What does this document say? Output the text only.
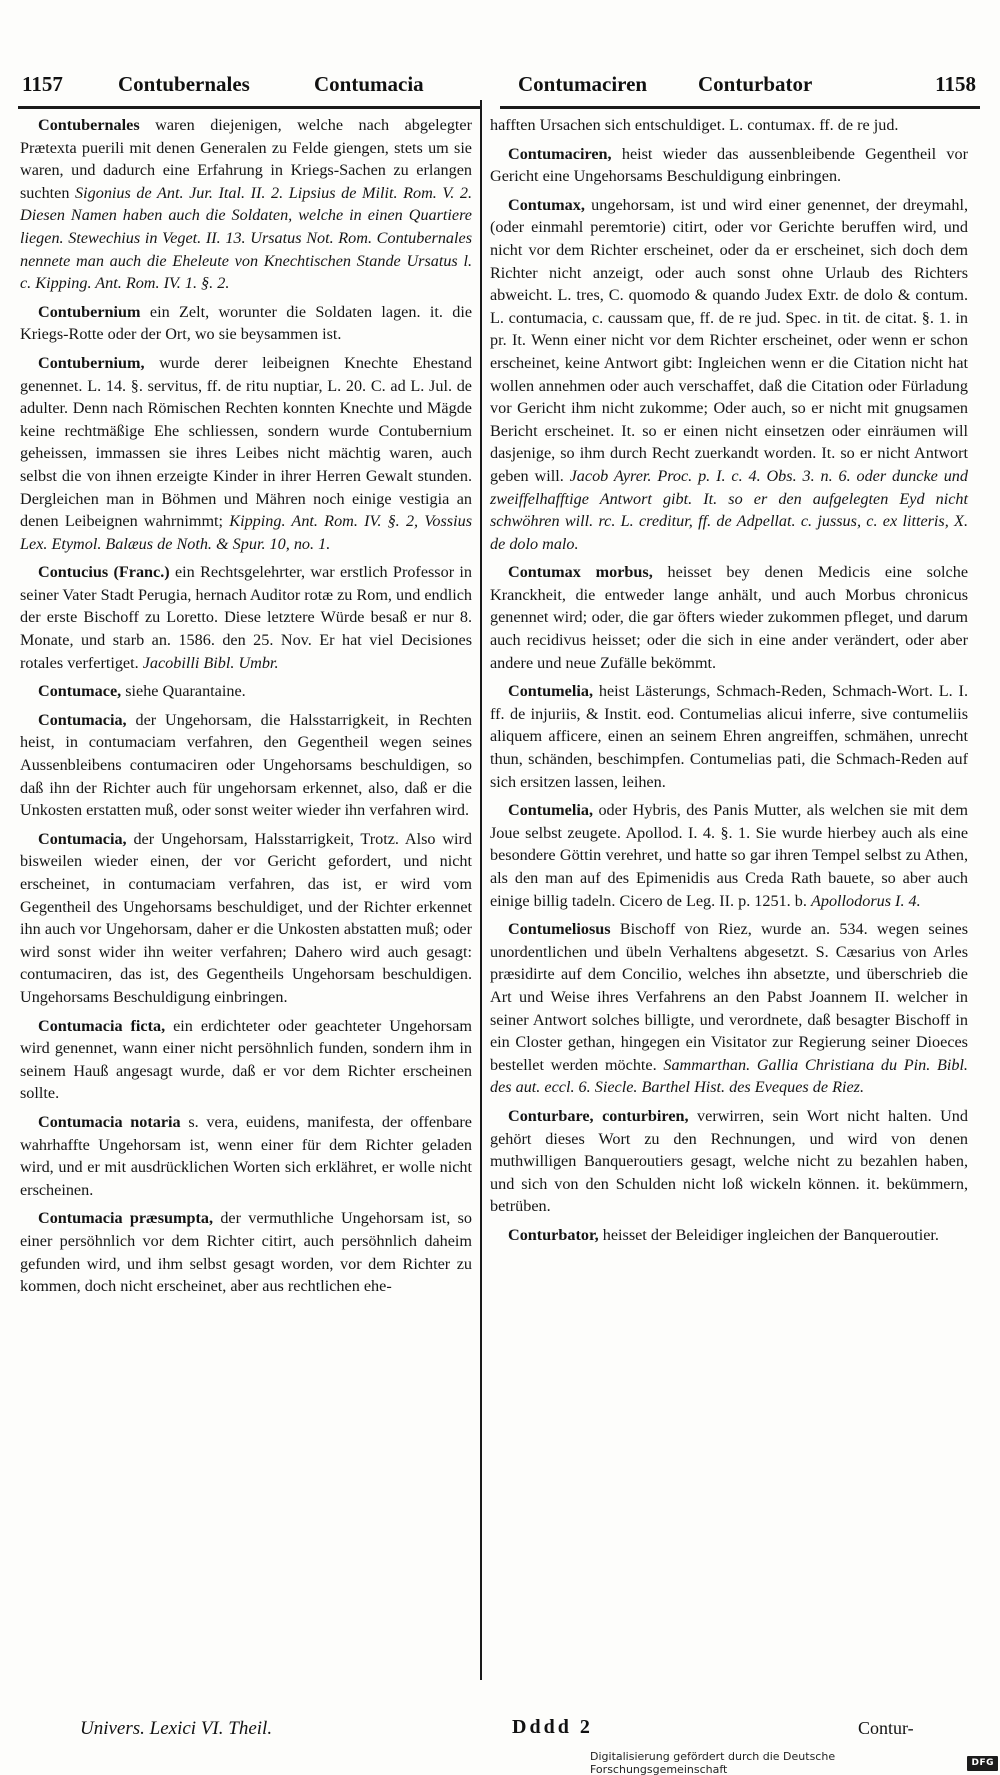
1157	Contubernales	Contumacia	Contumaciren Conturbator	1158

Contubernales waren diejenigen, welche nach abgelegter Prætexta puerili mit denen Generalen zu Felde giengen, stets um sie waren, und dadurch eine Erfahrung in Kriegs-Sachen zu erlangen suchten Sigonius de Ant. Jur. Ital. II. 2. Lipsius de Milit. Rom. V. 2. Diesen Namen haben auch die Soldaten, welche in einen Quartiere liegen. Stewechius in Veget. II. 13. Ursatus Not. Rom. Contubernales nennete man auch die Eheleute von Knechtischen Stande Ursatus l. c. Kipping. Ant. Rom. IV. 1. §. 2.

Contubernium ein Zelt, worunter die Soldaten lagen. it. die Kriegs-Rotte oder der Ort, wo sie beysammen ist.

Contubernium, wurde derer leibeignen Knechte Ehestand genennet. L. 14. §. servitus, ff. de ritu nuptiar, L. 20. C. ad L. Jul. de adulter. Denn nach Römischen Rechten konnten Knechte und Mägde keine rechtmäßige Ehe schliessen, sondern wurde Contubernium geheissen, immassen sie ihres Leibes nicht mächtig waren, auch selbst die von ihnen erzeigte Kinder in ihrer Herren Gewalt stunden. Dergleichen man in Böhmen und Mähren noch einige vestigia an denen Leibeignen wahrnimmt; Kipping. Ant. Rom. IV. §. 2, Vossius Lex. Etymol. Balæus de Noth. & Spur. 10, no. 1.

Contucius (Franc.) ein Rechtsgelehrter, war erstlich Professor in seiner Vater Stadt Perugia, hernach Auditor rotæ zu Rom, und endlich der erste Bischoff zu Loretto. Diese letztere Würde besaß er nur 8. Monate, und starb an. 1586. den 25. Nov. Er hat viel Decisiones rotales verfertiget. Jacobilli Bibl. Umbr.

Contumace, siehe Quarantaine.

Contumacia, der Ungehorsam, die Halsstarrigkeit, in Rechten heist, in contumaciam verfahren, den Gegentheil wegen seines Aussenbleibens contumaciren oder Ungehorsams beschuldigen, so daß ihn der Richter auch für ungehorsam erkennet, also, daß er die Unkosten erstatten muß, oder sonst weiter wieder ihn verfahren wird.

Contumacia, der Ungehorsam, Halsstarrigkeit, Trotz. Also wird bisweilen wieder einen, der vor Gericht gefordert, und nicht erscheinet, in contumaciam verfahren, das ist, er wird vom Gegentheil des Ungehorsams beschuldiget, und der Richter erkennet ihn auch vor Ungehorsam, daher er die Unkosten abstatten muß; oder wird sonst wider ihn weiter verfahren; Dahero wird auch gesagt: contumaciren, das ist, des Gegentheils Ungehorsam beschuldigen. Ungehorsams Beschuldigung einbringen.

Contumacia ficta, ein erdichteter oder geachteter Ungehorsam wird genennet, wann einer nicht persöhnlich funden, sondern ihm in seinem Hauß angesagt wurde, daß er vor dem Richter erscheinen sollte.

Contumacia notaria s. vera, euidens, manifesta, der offenbare wahrhaffte Ungehorsam ist, wenn einer für dem Richter geladen wird, und er mit ausdrücklichen Worten sich erklähret, er wolle nicht erscheinen.

Contumacia præsumpta, der vermuthliche Ungehorsam ist, so einer persöhnlich vor dem Richter citirt, auch persöhnlich daheim gefunden wird, und ihm selbst gesagt worden, vor dem Richter zu kommen, doch nicht erscheinet, aber aus rechtlichen ehe-

hafften Ursachen sich entschuldiget. L. contumax. ff. de re jud.

Contumaciren, heist wieder das aussenbleibende Gegentheil vor Gericht eine Ungehorsams Beschuldigung einbringen.

Contumax, ungehorsam, ist und wird einer genennet, der dreymahl, (oder einmahl peremtorie) citirt, oder vor Gerichte beruffen wird, und nicht vor dem Richter erscheinet, oder da er erscheinet, sich doch dem Richter nicht anzeigt, oder auch sonst ohne Urlaub des Richters abweicht. L. tres, C. quomodo & quando Judex Extr. de dolo & contum. L. contumacia, c. caussam que, ff. de re jud. Spec. in tit. de citat. §. 1. in pr. It. Wenn einer nicht vor dem Richter erscheinet, oder wenn er schon erscheinet, keine Antwort gibt: Ingleichen wenn er die Citation nicht hat wollen annehmen oder auch verschaffet, daß die Citation oder Fürladung vor Gericht ihm nicht zukomme; Oder auch, so er nicht mit gnugsamen Bericht erscheinet. It. so er einen nicht einsetzen oder einräumen will dasjenige, so ihm durch Recht zuerkandt worden. It. so er nicht Antwort geben will. Jacob Ayrer. Proc. p. I. c. 4. Obs. 3. n. 6. oder duncke und zweiffelhafftige Antwort gibt. It. so er den aufgelegten Eyd nicht schwöhren will. rc. L. creditur, ff. de Adpellat. c. jussus, c. ex litteris, X. de dolo malo.

Contumax morbus, heisset bey denen Medicis eine solche Kranckheit, die entweder lange anhält, und auch Morbus chronicus genennet wird; oder, die gar öfters wieder zukommen pfleget, und darum auch recidivus heisset; oder die sich in eine ander verändert, oder aber andere und neue Zufälle bekömmt.

Contumelia, heist Lästerungs, Schmach-Reden, Schmach-Wort. L. I. ff. de injuriis, & Instit. eod. Contumelias alicui inferre, sive contumeliis aliquem afficere, einen an seinem Ehren angreiffen, schmähen, unrecht thun, schänden, beschimpfen. Contumelias pati, die Schmach-Reden auf sich ersitzen lassen, leihen.

Contumelia, oder Hybris, des Panis Mutter, als welchen sie mit dem Joue selbst zeugete. Apollod. I. 4. §. 1. Sie wurde hierbey auch als eine besondere Göttin verehret, und hatte so gar ihren Tempel selbst zu Athen, als den man auf des Epimenidis aus Creda Rath bauete, so aber auch einige billig tadeln. Cicero de Leg. II. p. 1251. b. Apollodorus I. 4.

Contumeliosus Bischoff von Riez, wurde an. 534. wegen seines unordentlichen und übeln Verhaltens abgesetzt. S. Cæsarius von Arles præsidirte auf dem Concilio, welches ihn absetzte, und überschrieb die Art und Weise ihres Verfahrens an den Pabst Joannem II. welcher in seiner Antwort solches billigte, und verordnete, daß besagter Bischoff in ein Closter gethan, hingegen ein Visitator zur Regierung seiner Dioeces bestellet werden möchte. Sammarthan. Gallia Christiana du Pin. Bibl. des aut. eccl. 6. Siecle. Barthel Hist. des Eveques de Riez.

Conturbare, conturbiren, verwirren, sein Wort nicht halten. Und gehört dieses Wort zu den Rechnungen, und wird von denen muthwilligen Banqueroutiers gesagt, welche nicht zu bezahlen haben, und sich von den Schulden nicht loß wickeln können. it. bekümmern, betrüben.

Conturbator, heisset der Beleidiger ingleichen der Banqueroutier.

Univers. Lexici VI. Theil.	Dddd 2	Contur-
Digitalisierung gefördert durch die Deutsche Forschungsgemeinschaft	DFG
